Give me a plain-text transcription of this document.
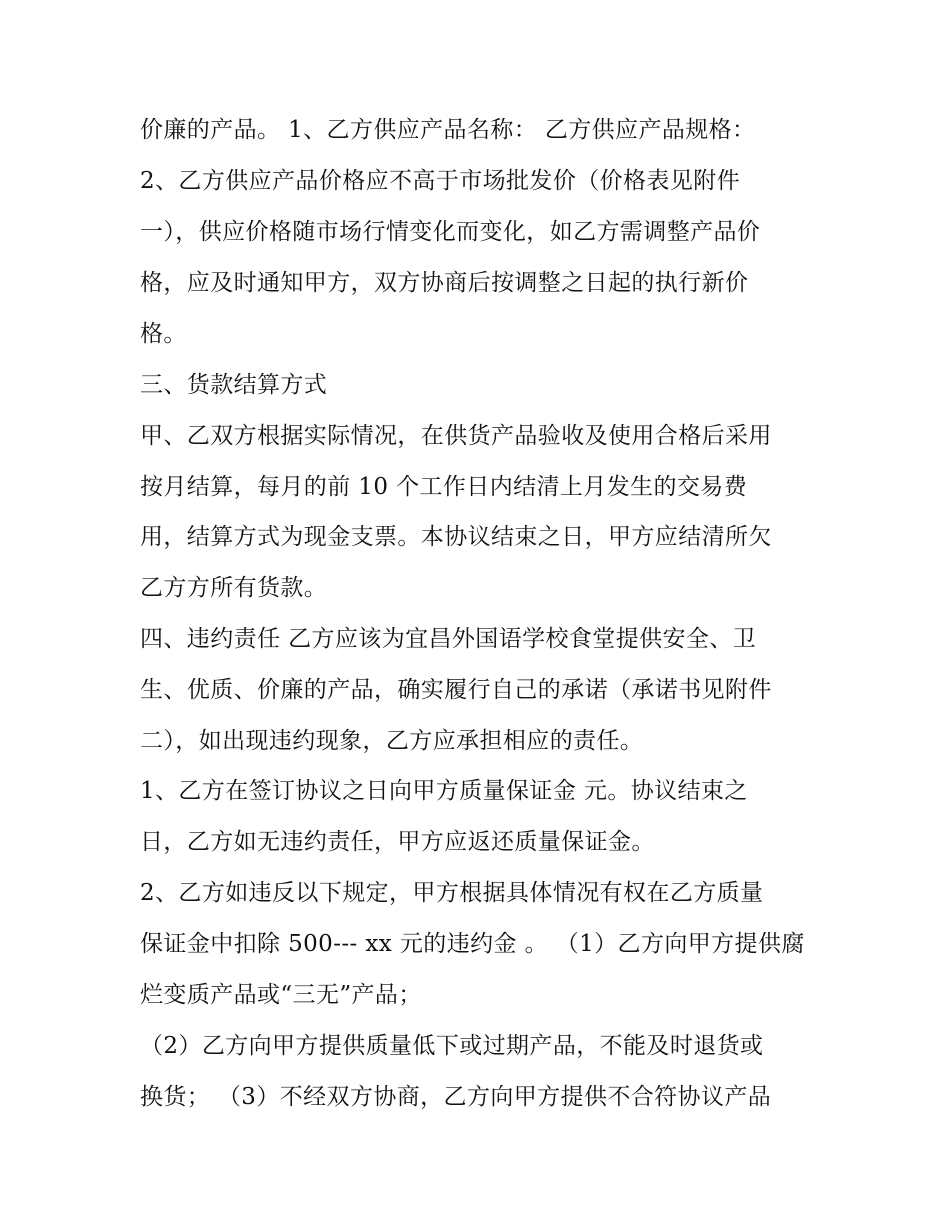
价廉的产品。 1、乙方供应产品名称： 乙方供应产品规格：
2、乙方供应产品价格应不高于市场批发价（价格表见附件
一），供应价格随市场行情变化而变化，如乙方需调整产品价
格，应及时通知甲方，双方协商后按调整之日起的执行新价
格。
三、货款结算方式
甲、乙双方根据实际情况，在供货产品验收及使用合格后采用
按月结算，每月的前 10 个工作日内结清上月发生的交易费
用，结算方式为现金支票。本协议结束之日，甲方应结清所欠
乙方方所有货款。
四、违约责任 乙方应该为宜昌外国语学校食堂提供安全、卫
生、优质、价廉的产品，确实履行自己的承诺（承诺书见附件
二），如出现违约现象，乙方应承担相应的责任。
1、乙方在签订协议之日向甲方质量保证金 元。协议结束之
日，乙方如无违约责任，甲方应返还质量保证金。
2、乙方如违反以下规定，甲方根据具体情况有权在乙方质量
保证金中扣除 500--- xx 元的违约金 。 （1）乙方向甲方提供腐
烂变质产品或“三无”产品；
（2）乙方向甲方提供质量低下或过期产品，不能及时退货或
换货； （3）不经双方协商，乙方向甲方提供不合符协议产品
